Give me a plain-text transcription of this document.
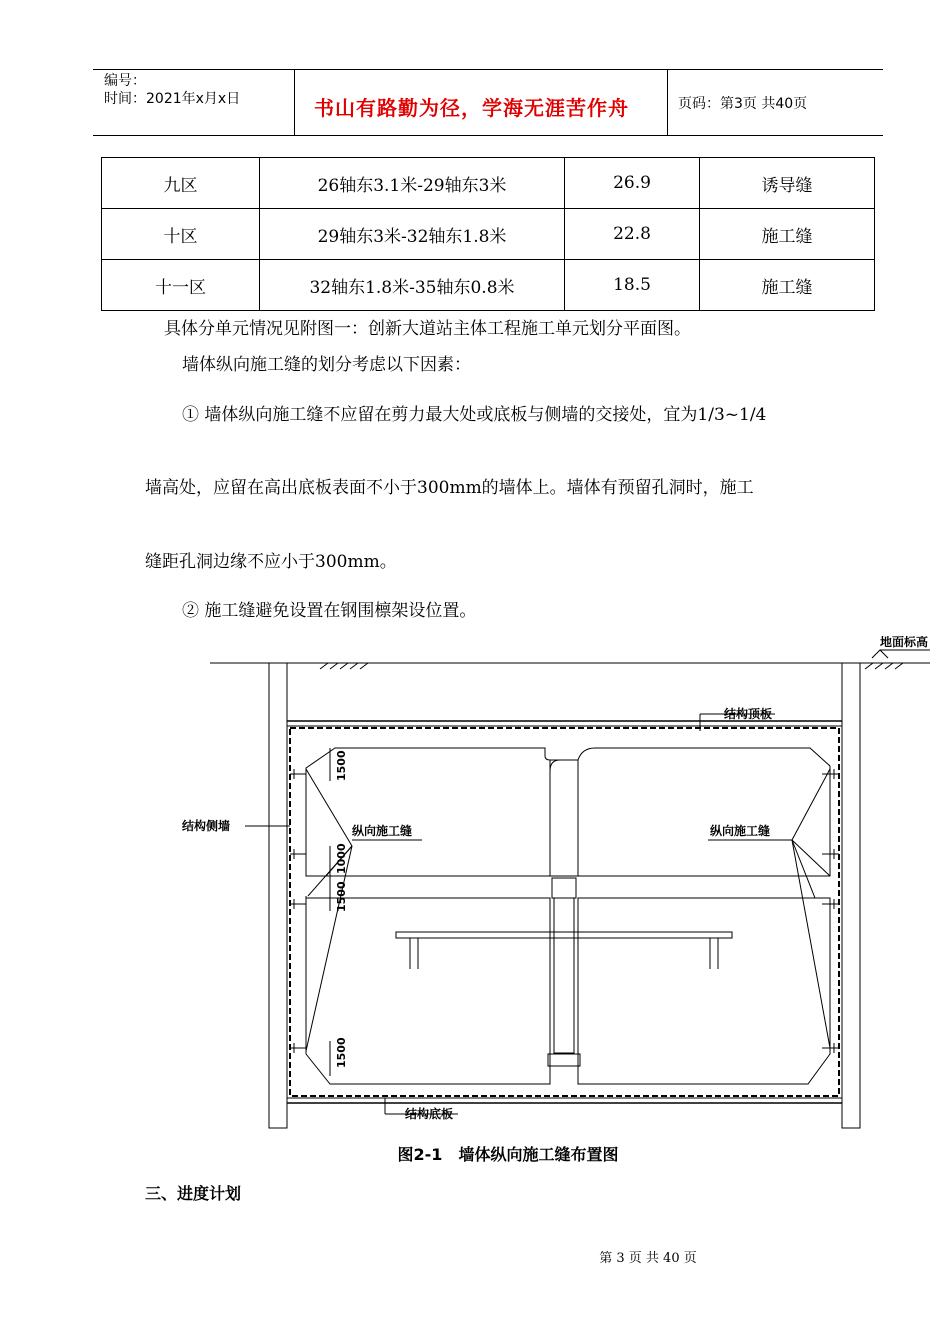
编号：
时间：2021年x月x日	书山有路勤为径，学海无涯苦作舟	页码：第3页 共40页
九区	26轴东3.1米-29轴东3米	26.9	诱导缝
十区	29轴东3米-32轴东1.8米	22.8	施工缝
十一区	32轴东1.8米-35轴东0.8米	18.5	施工缝
具体分单元情况见附图一：创新大道站主体工程施工单元划分平面图。
墙体纵向施工缝的划分考虑以下因素：
① 墙体纵向施工缝不应留在剪力最大处或底板与侧墙的交接处，宜为1/3~1/4
墙高处，应留在高出底板表面不小于300mm的墙体上。墙体有预留孔洞时，施工
缝距孔洞边缘不应小于300mm。
② 施工缝避免设置在钢围檩架设位置。
地面标高
结构顶板
结构侧墙	纵向施工缝	纵向施工缝
结构底板
1500
1000
1500
1500
图2-1　墙体纵向施工缝布置图
三、进度计划
第 3 页 共 40 页
